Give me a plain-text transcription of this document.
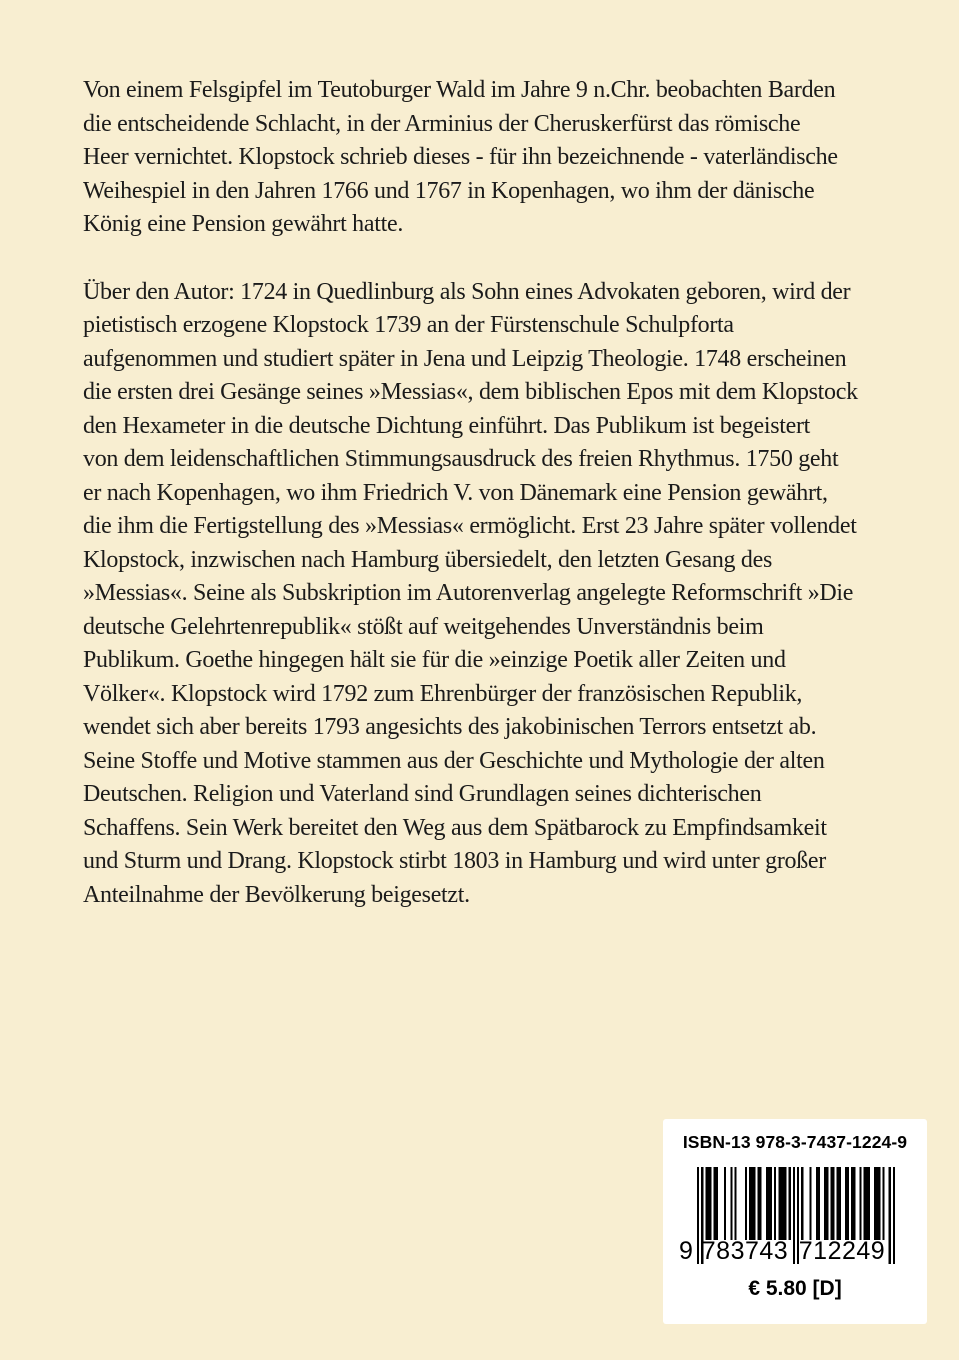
Von einem Felsgipfel im Teutoburger Wald im Jahre 9 n.Chr. beobachten Barden
die entscheidende Schlacht, in der Arminius der Cheruskerfürst das römische
Heer vernichtet. Klopstock schrieb dieses - für ihn bezeichnende - vaterländische
Weihespiel in den Jahren 1766 und 1767 in Kopenhagen, wo ihm der dänische
König eine Pension gewährt hatte.
Über den Autor: 1724 in Quedlinburg als Sohn eines Advokaten geboren, wird der
pietistisch erzogene Klopstock 1739 an der Fürstenschule Schulpforta
aufgenommen und studiert später in Jena und Leipzig Theologie. 1748 erscheinen
die ersten drei Gesänge seines »Messias«, dem biblischen Epos mit dem Klopstock
den Hexameter in die deutsche Dichtung einführt. Das Publikum ist begeistert
von dem leidenschaftlichen Stimmungsausdruck des freien Rhythmus. 1750 geht
er nach Kopenhagen, wo ihm Friedrich V. von Dänemark eine Pension gewährt,
die ihm die Fertigstellung des »Messias« ermöglicht. Erst 23 Jahre später vollendet
Klopstock, inzwischen nach Hamburg übersiedelt, den letzten Gesang des
»Messias«. Seine als Subskription im Autorenverlag angelegte Reformschrift »Die
deutsche Gelehrtenrepublik« stößt auf weitgehendes Unverständnis beim
Publikum. Goethe hingegen hält sie für die »einzige Poetik aller Zeiten und
Völker«. Klopstock wird 1792 zum Ehrenbürger der französischen Republik,
wendet sich aber bereits 1793 angesichts des jakobinischen Terrors entsetzt ab.
Seine Stoffe und Motive stammen aus der Geschichte und Mythologie der alten
Deutschen. Religion und Vaterland sind Grundlagen seines dichterischen
Schaffens. Sein Werk bereitet den Weg aus dem Spätbarock zu Empfindsamkeit
und Sturm und Drang. Klopstock stirbt 1803 in Hamburg und wird unter großer
Anteilnahme der Bevölkerung beigesetzt.
ISBN-13 978-3-7437-1224-9
9 783743 712249
€ 5.80 [D]
